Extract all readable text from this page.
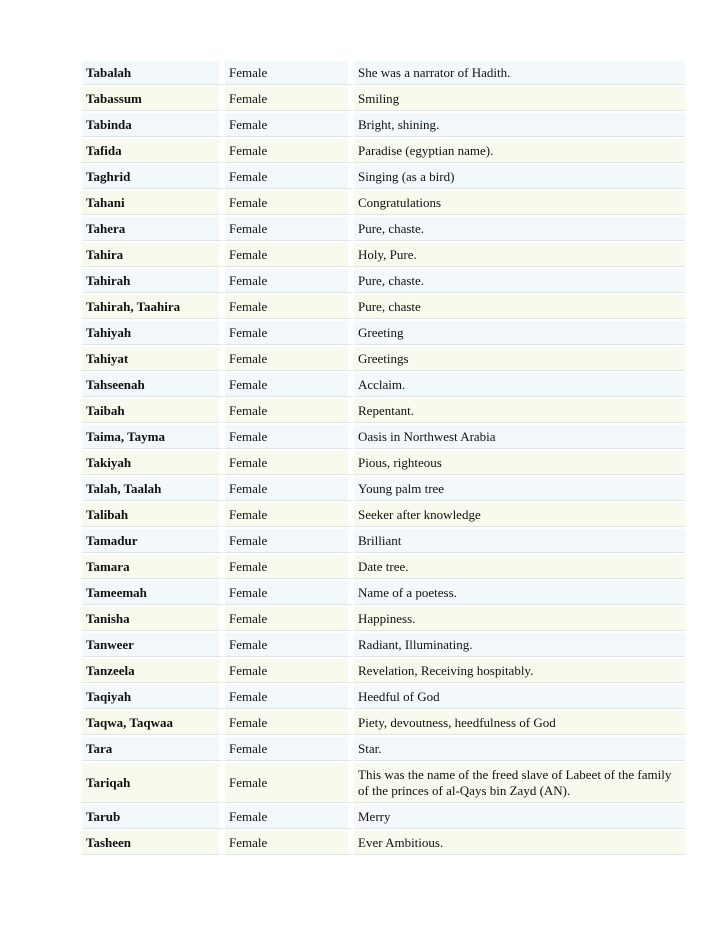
Tabalah	Female	She was a narrator of Hadith.
Tabassum	Female	Smiling
Tabinda	Female	Bright, shining.
Tafida	Female	Paradise (egyptian name).
Taghrid	Female	Singing (as a bird)
Tahani	Female	Congratulations
Tahera	Female	Pure, chaste.
Tahira	Female	Holy, Pure.
Tahirah	Female	Pure, chaste.
Tahirah, Taahira	Female	Pure, chaste
Tahiyah	Female	Greeting
Tahiyat	Female	Greetings
Tahseenah	Female	Acclaim.
Taibah	Female	Repentant.
Taima, Tayma	Female	Oasis in Northwest Arabia
Takiyah	Female	Pious, righteous
Talah, Taalah	Female	Young palm tree
Talibah	Female	Seeker after knowledge
Tamadur	Female	Brilliant
Tamara	Female	Date tree.
Tameemah	Female	Name of a poetess.
Tanisha	Female	Happiness.
Tanweer	Female	Radiant, Illuminating.
Tanzeela	Female	Revelation, Receiving hospitably.
Taqiyah	Female	Heedful of God
Taqwa, Taqwaa	Female	Piety, devoutness, heedfulness of God
Tara	Female	Star.
Tariqah	Female	This was the name of the freed slave of Labeet of the family of the princes of al-Qays bin Zayd (AN).
Tarub	Female	Merry
Tasheen	Female	Ever Ambitious.
